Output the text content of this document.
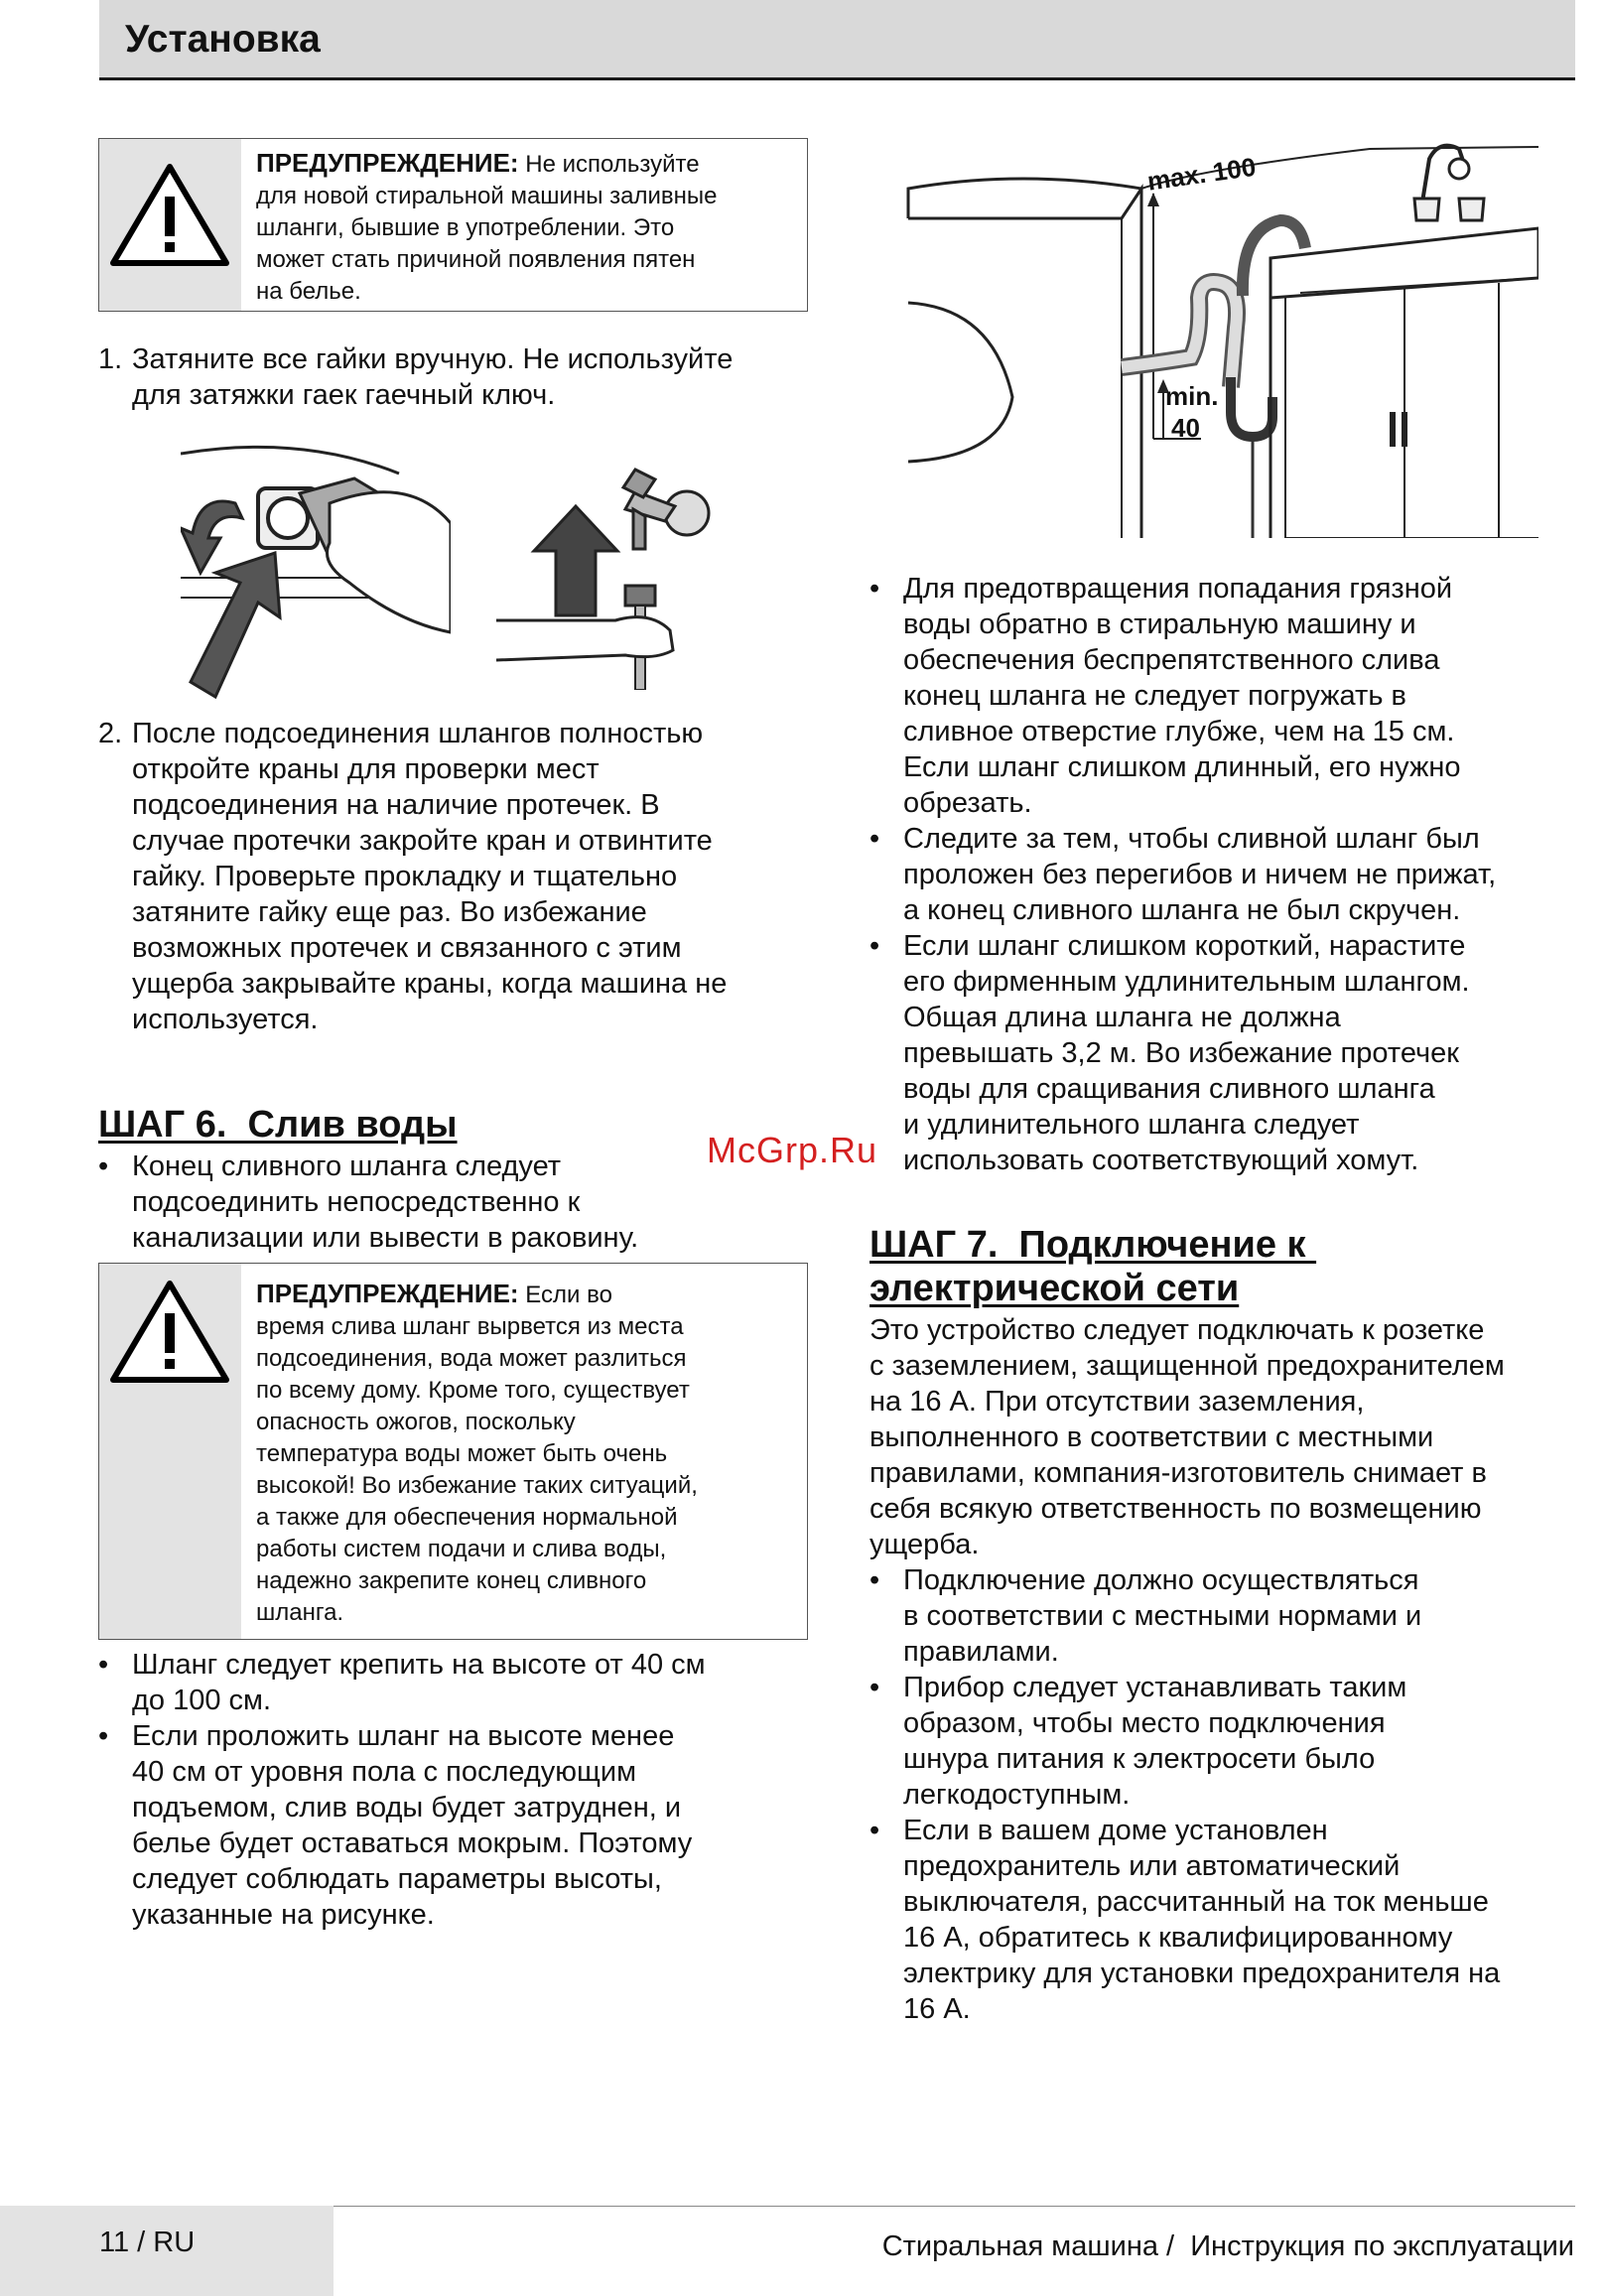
Установка
ПРЕДУПРЕЖДЕНИЕ: Не используйте
для новой стиральной машины заливные
шланги, бывшие в употреблении. Это
может стать причиной появления пятен
на белье.
1. Затяните все гайки вручную. Не используйте
для затяжки гаек гаечный ключ.
2. После подсоединения шлангов полностью
откройте краны для проверки мест
подсоединения на наличие протечек. В
случае протечки закройте кран и отвинтите
гайку. Проверьте прокладку и тщательно
затяните гайку еще раз. Во избежание
возможных протечек и связанного с этим
ущерба закрывайте краны, когда машина не
используется.
ШАГ 6.  Слив воды
• Конец сливного шланга следует
подсоединить непосредственно к
канализации или вывести в раковину.
ПРЕДУПРЕЖДЕНИЕ: Если во
время слива шланг вырвется из места
подсоединения, вода может разлиться
по всему дому. Кроме того, существует
опасность ожогов, поскольку
температура воды может быть очень
высокой! Во избежание таких ситуаций,
а также для обеспечения нормальной
работы систем подачи и слива воды,
надежно закрепите конец сливного
шланга.
• Шланг следует крепить на высоте от 40 см
до 100 см.
• Если проложить шланг на высоте менее
40 см от уровня пола с последующим
подъемом, слив воды будет затруднен, и
белье будет оставаться мокрым. Поэтому
следует соблюдать параметры высоты,
указанные на рисунке.
max. 100
min.
40
• Для предотвращения попадания грязной
воды обратно в стиральную машину и
обеспечения беспрепятственного слива
конец шланга не следует погружать в
сливное отверстие глубже, чем на 15 см.
Если шланг слишком длинный, его нужно
обрезать.
• Следите за тем, чтобы сливной шланг был
проложен без перегибов и ничем не прижат,
а конец сливного шланга не был скручен.
• Если шланг слишком короткий, нарастите
его фирменным удлинительным шлангом.
Общая длина шланга не должна
превышать 3,2 м. Во избежание протечек
воды для сращивания сливного шланга
и удлинительного шланга следует
использовать соответствующий хомут.
ШАГ 7.  Подключение к
электрической сети
Это устройство следует подключать к розетке
с заземлением, защищенной предохранителем
на 16 А. При отсутствии заземления,
выполненного в соответствии с местными
правилами, компания-изготовитель снимает в
себя всякую ответственность по возмещению
ущерба.
• Подключение должно осуществляться
в соответствии с местными нормами и
правилами.
• Прибор следует устанавливать таким
образом, чтобы место подключения
шнура питания к электросети было
легкодоступным.
• Если в вашем доме установлен
предохранитель или автоматический
выключателя, рассчитанный на ток меньше
16 А, обратитесь к квалифицированному
электрику для установки предохранителя на
16 А.
McGrp.Ru
11 / RU	Стиральная машина /  Инструкция по эксплуатации
